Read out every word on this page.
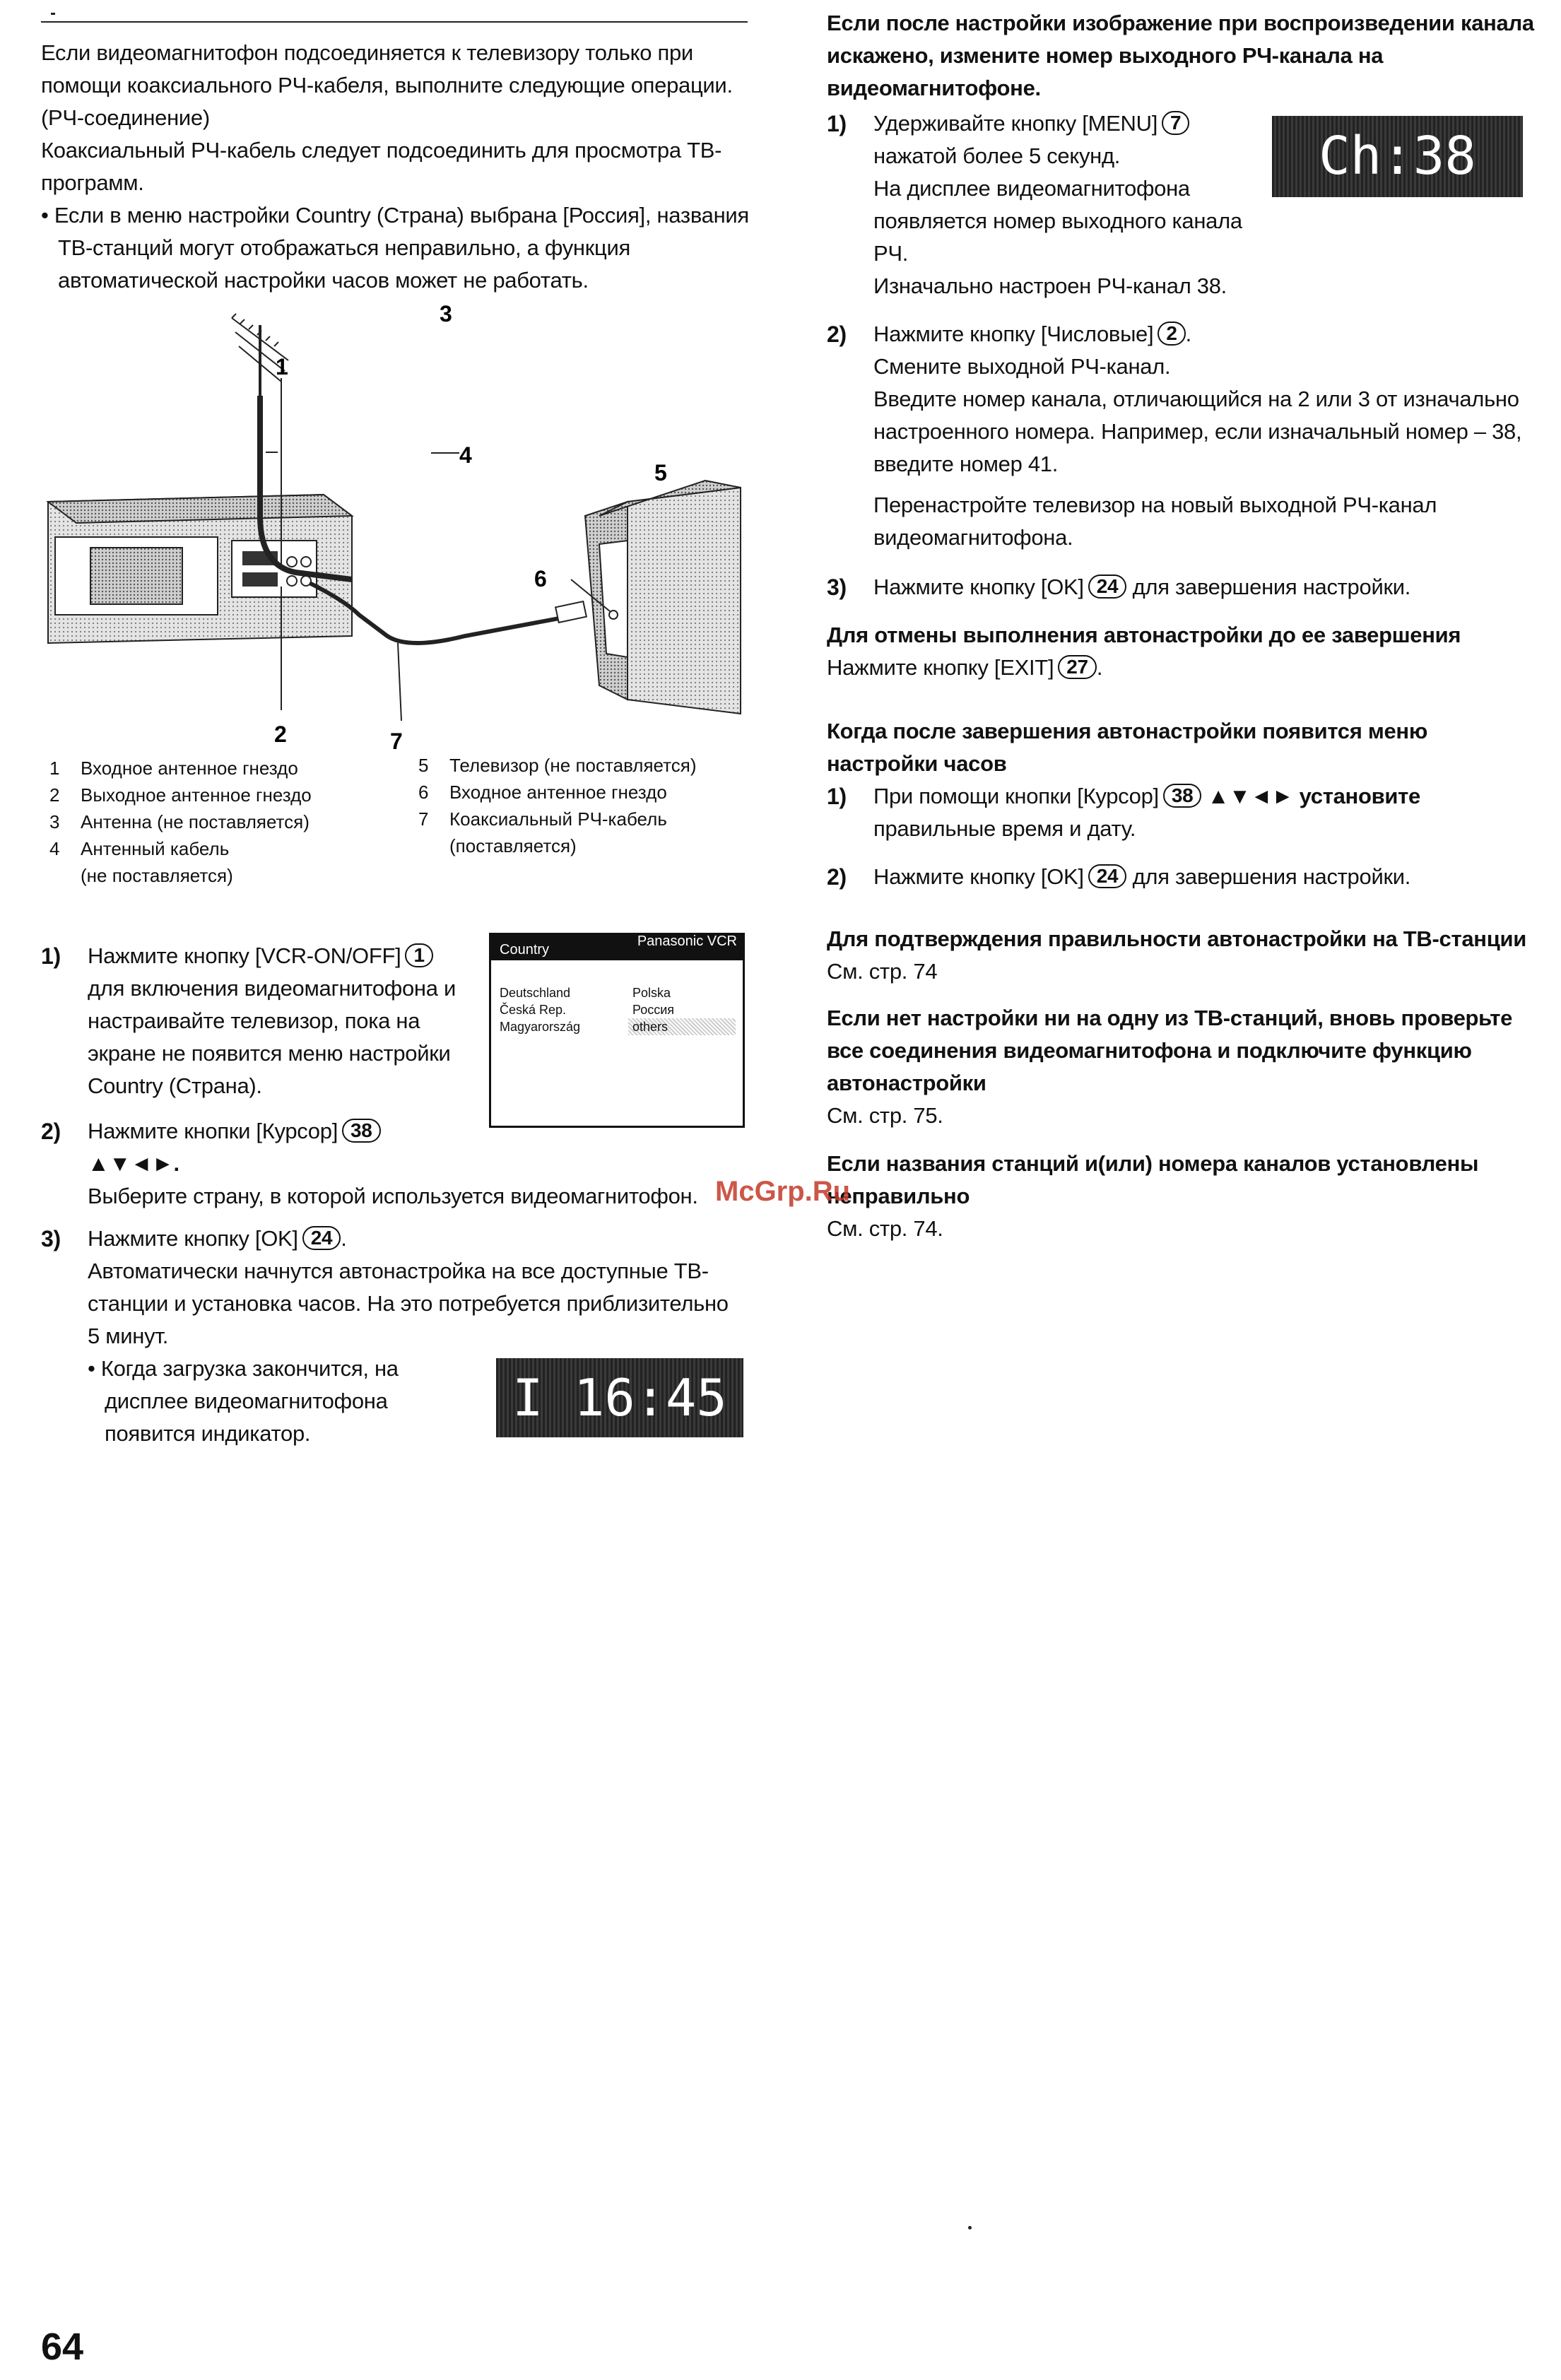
Если видеомагнитофон подсоединяется к телевизору только при
помощи коаксиального РЧ-кабеля, выполните следующие операции.
(РЧ-соединение)
Коаксиальный РЧ-кабель следует подсоединить для просмотра ТВ-
программ.
• Если в меню настройки Country (Страна) выбрана [Россия], названия
ТВ-станций могут отображаться неправильно, а функция
автоматической настройки часов может не работать.
1
2
3
4
5
6
7
1 Входное антенное гнездо
2 Выходное антенное гнездо
3 Антенна (не поставляется)
4 Антенный кабель
(не поставляется)
5 Телевизор (не поставляется)
6 Входное антенное гнездо
7 Коаксиальный РЧ-кабель
(поставляется)
1) Нажмите кнопку [VCR-ON/OFF] 1
для включения видеомагнитофона и
настраивайте телевизор, пока на
экране не появится меню настройки
Country (Страна).
Country
Panasonic VCR
Deutschland
Česká Rep.
Magyarország
Polska
Россия
others
2) Нажмите кнопки [Курсор] 38
▲▼◄►.
Выберите страну, в которой используется видеомагнитофон.
3) Нажмите кнопку [OK] 24 .
Автоматически начнутся автонастройка на все доступные ТВ-
станции и установка часов. На это потребуется приблизительно
5 минут.
• Когда загрузка закончится, на
дисплее видеомагнитофона
появится индикатор.
I 16:45
Если после настройки изображение при воспроизведении канала
искажено, измените номер выходного РЧ-канала на
видеомагнитофоне.
Ch:38
1) Удерживайте кнопку [MENU] 7
нажатой более 5 секунд.
На дисплее видеомагнитофона
появляется номер выходного канала
РЧ.
Изначально настроен РЧ-канал 38.
2) Нажмите кнопку [Числовые] 2 .
Смените выходной РЧ-канал.
Введите номер канала, отличающийся на 2 или 3 от изначально
настроенного номера. Например, если изначальный номер – 38,
введите номер 41.
Перенастройте телевизор на новый выходной РЧ-канал
видеомагнитофона.
3) Нажмите кнопку [OK] 24 для завершения настройки.
Для отмены выполнения автонастройки до ее завершения
Нажмите кнопку [EXIT] 27 .
Когда после завершения автонастройки появится меню
настройки часов
1) При помощи кнопки [Курсор] 38 ▲▼◄► установите
правильные время и дату.
2) Нажмите кнопку [OK] 24 для завершения настройки.
Для подтверждения правильности автонастройки на ТВ-станции
См. стр. 74
Если нет настройки ни на одну из ТВ-станций, вновь проверьте
все соединения видеомагнитофона и подключите функцию
автонастройки
См. стр. 75.
Если названия станций и(или) номера каналов установлены
неправильно
См. стр. 74.
McGrp.Ru
64
